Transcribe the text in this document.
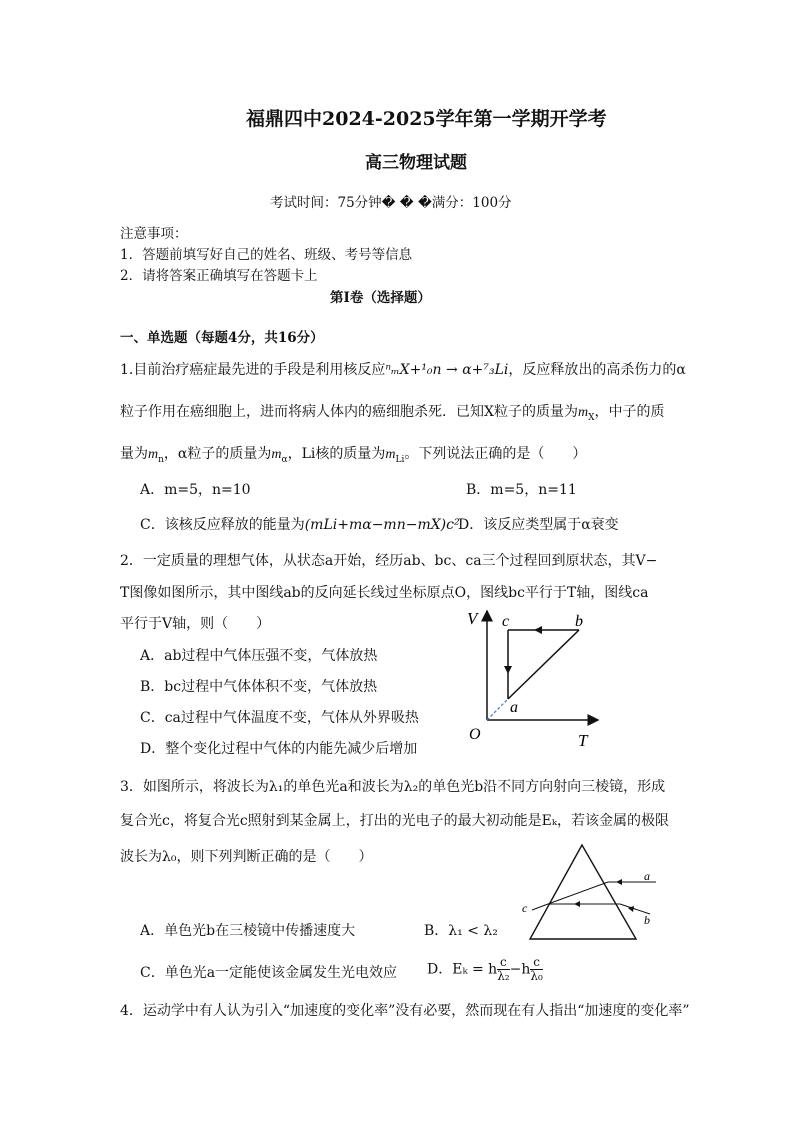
福鼎四中2024-2025学年第一学期开学考
高三物理试题
考试时间：75分钟� � �满分：100分
注意事项：
1．答题前填写好自己的姓名、班级、考号等信息
2．请将答案正确填写在答题卡上
第I卷（选择题）
一、单选题（每题4分，共16分）
1.目前治疗癌症最先进的手段是利用核反应ⁿₘX+¹₀n → α+⁷₃Li，反应释放出的高杀伤力的α
粒子作用在癌细胞上，进而将病人体内的癌细胞杀死．已知X粒子的质量为$m_X$，中子的质
量为$m_n$，α粒子的质量为$m_\alpha$，Li核的质量为$m_{Li}$。下列说法正确的是（　　）
A．m=5，n=10	B．m=5，n=11
C．该核反应释放的能量为(mLi+mα−mn−mX)c²
D．该反应类型属于α衰变
2．一定质量的理想气体，从状态a开始，经历ab、bc、ca三个过程回到原状态，其V−
T图像如图所示，其中图线ab的反向延长线过坐标原点O，图线bc平行于T轴，图线ca
平行于V轴，则（　　）
A．ab过程中气体压强不变，气体放热
B．bc过程中气体体积不变，气体放热
C．ca过程中气体温度不变，气体从外界吸热
D．整个变化过程中气体的内能先减少后增加
V
T
O
a
b
c
3．如图所示，将波长为λ₁的单色光a和波长为λ₂的单色光b沿不同方向射向三棱镜，形成
复合光c，将复合光c照射到某金属上，打出的光电子的最大初动能是Eₖ，若该金属的极限
波长为λ₀，则下列判断正确的是（　　）
A．单色光b在三棱镜中传播速度大	B．λ₁ < λ₂
C．单色光a一定能使该金属发生光电效应 D．Eₖ = h $\frac{c}{\text{λ₂}} -h \frac{c}{\text{λ₀}}$
a
b
c
4．运动学中有人认为引入“加速度的变化率”没有必要，然而现在有人指出“加速度的变化率”
